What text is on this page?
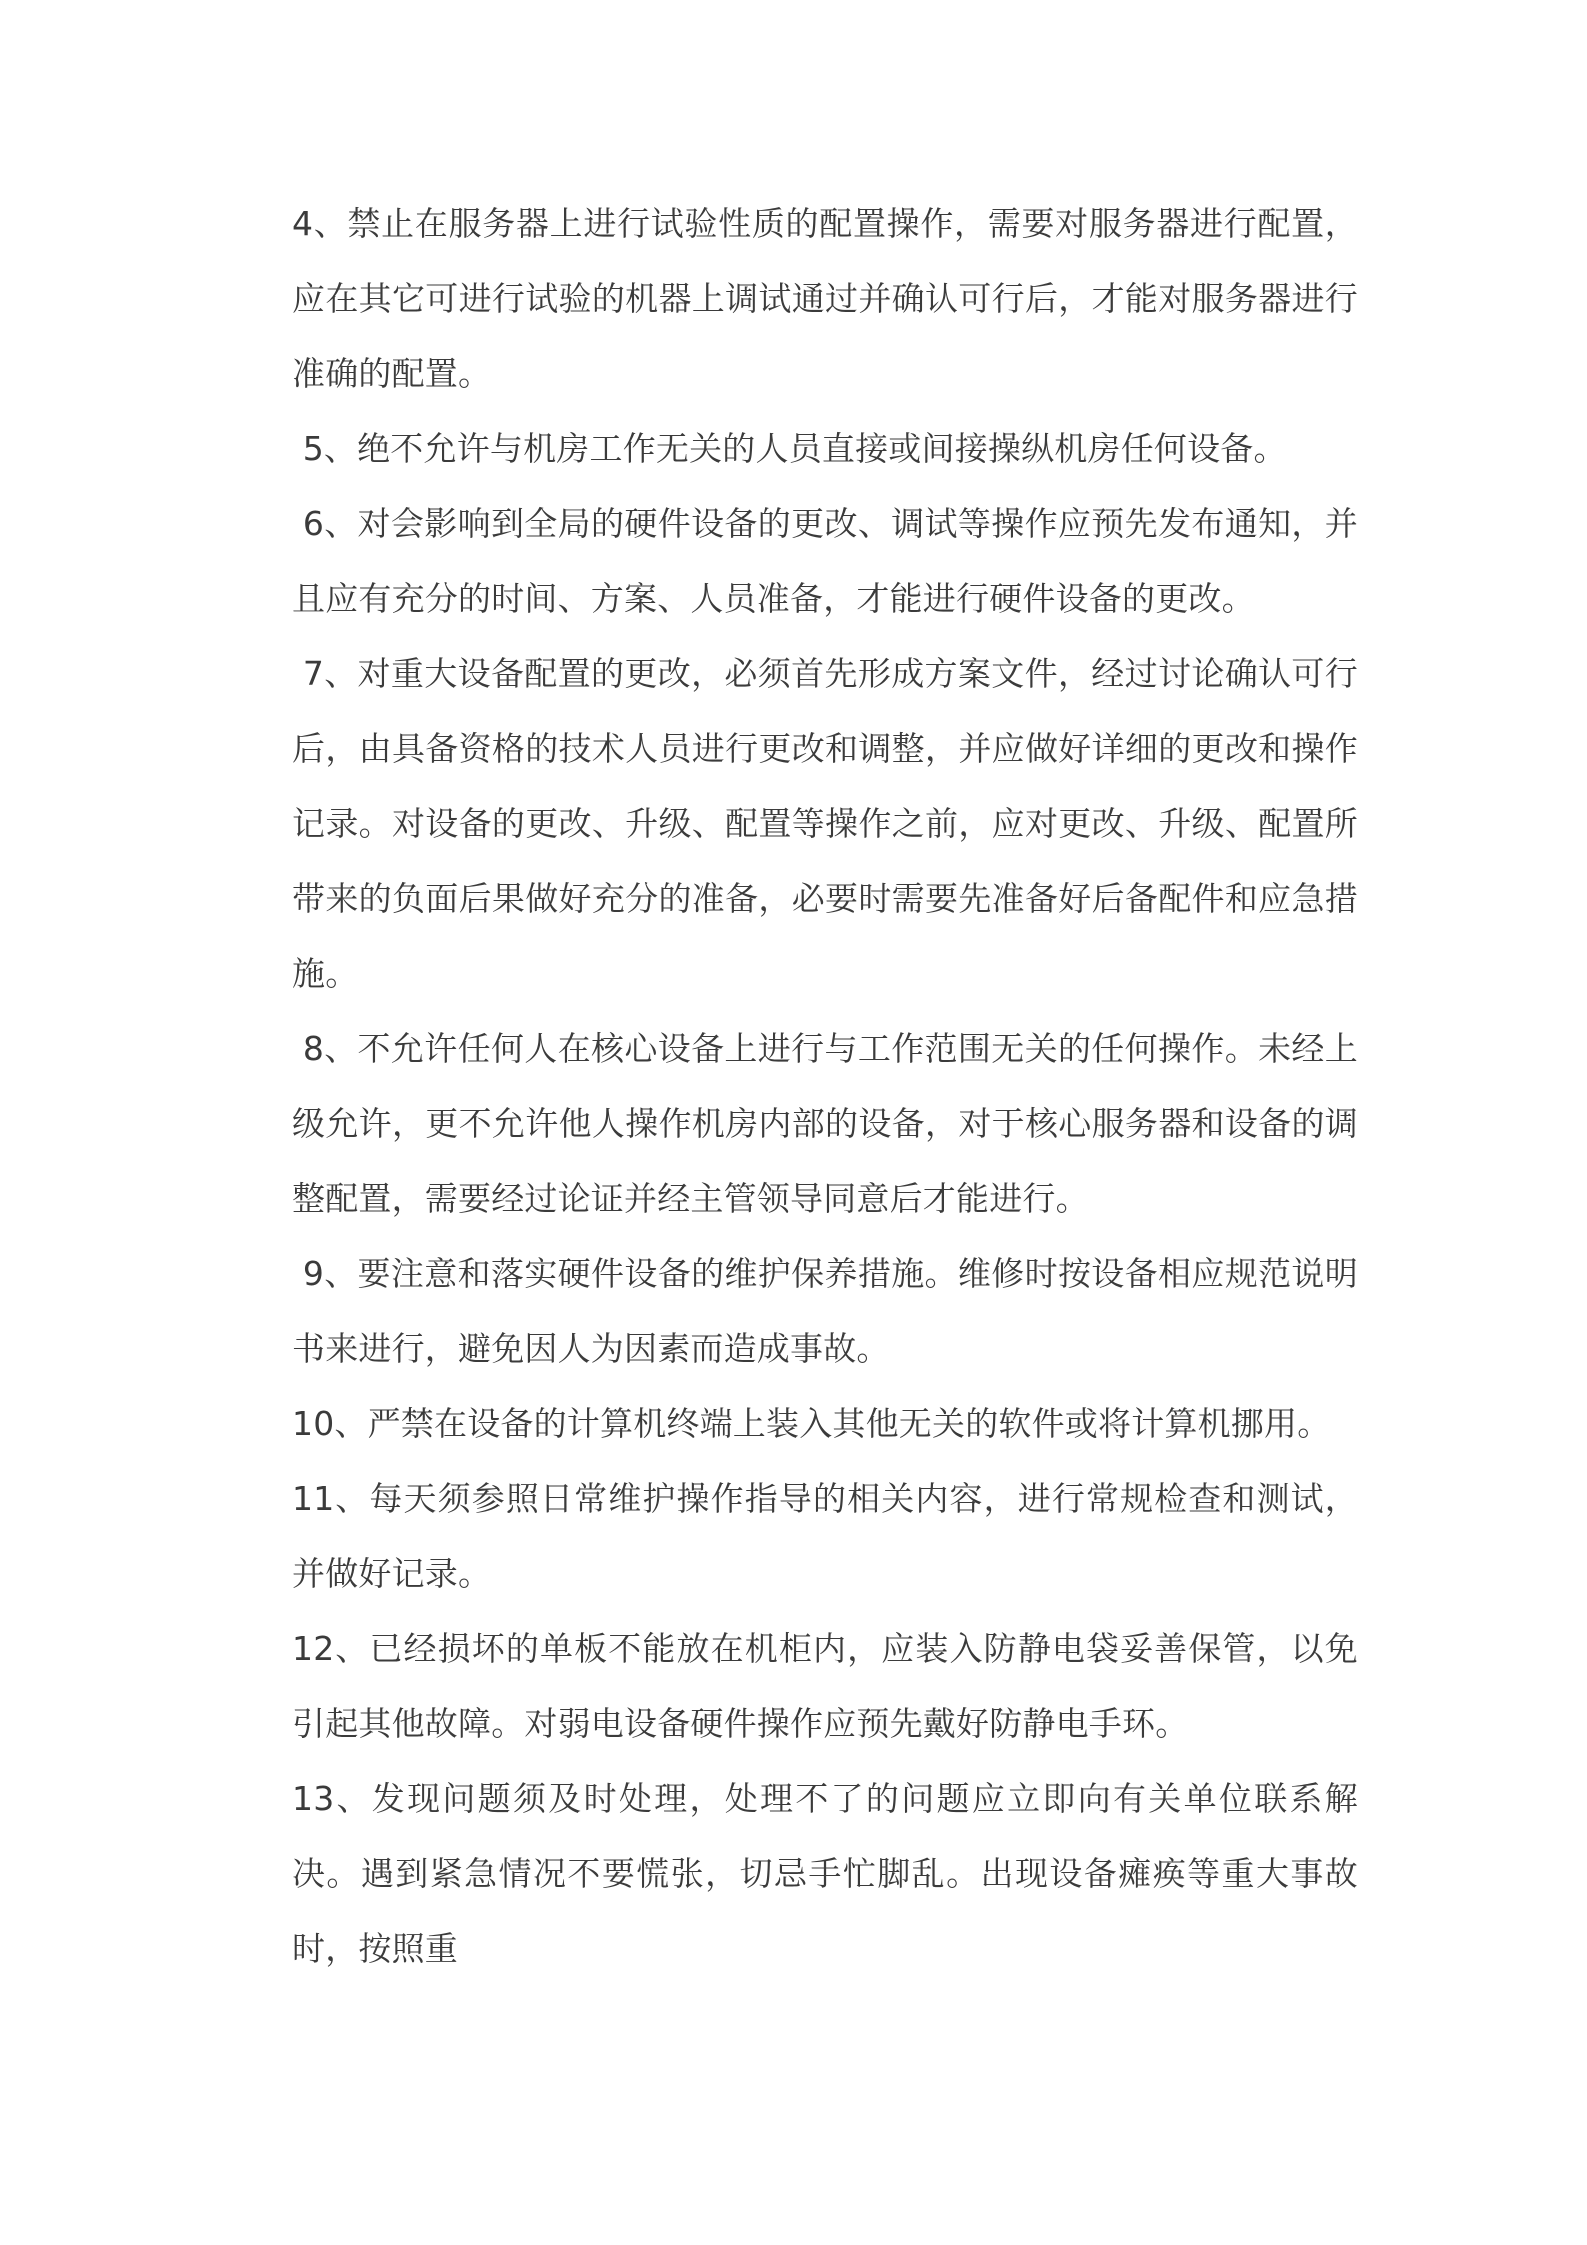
4、禁止在服务器上进行试验性质的配置操作，需要对服务器进行配置，应在其它可进行试验的机器上调试通过并确认可行后，才能对服务器进行准确的配置。

5、绝不允许与机房工作无关的人员直接或间接操纵机房任何设备。

6、对会影响到全局的硬件设备的更改、调试等操作应预先发布通知，并且应有充分的时间、方案、人员准备，才能进行硬件设备的更改。

7、对重大设备配置的更改，必须首先形成方案文件，经过讨论确认可行后，由具备资格的技术人员进行更改和调整，并应做好详细的更改和操作记录。对设备的更改、升级、配置等操作之前，应对更改、升级、配置所带来的负面后果做好充分的准备，必要时需要先准备好后备配件和应急措施。

8、不允许任何人在核心设备上进行与工作范围无关的任何操作。未经上级允许，更不允许他人操作机房内部的设备，对于核心服务器和设备的调整配置，需要经过论证并经主管领导同意后才能进行。

9、要注意和落实硬件设备的维护保养措施。维修时按设备相应规范说明书来进行，避免因人为因素而造成事故。

10、严禁在设备的计算机终端上装入其他无关的软件或将计算机挪用。

11、每天须参照日常维护操作指导的相关内容，进行常规检查和测试，并做好记录。

12、已经损坏的单板不能放在机柜内，应装入防静电袋妥善保管，以免引起其他故障。对弱电设备硬件操作应预先戴好防静电手环。

13、发现问题须及时处理，处理不了的问题应立即向有关单位联系解决。遇到紧急情况不要慌张，切忌手忙脚乱。出现设备瘫痪等重大事故时，按照重
